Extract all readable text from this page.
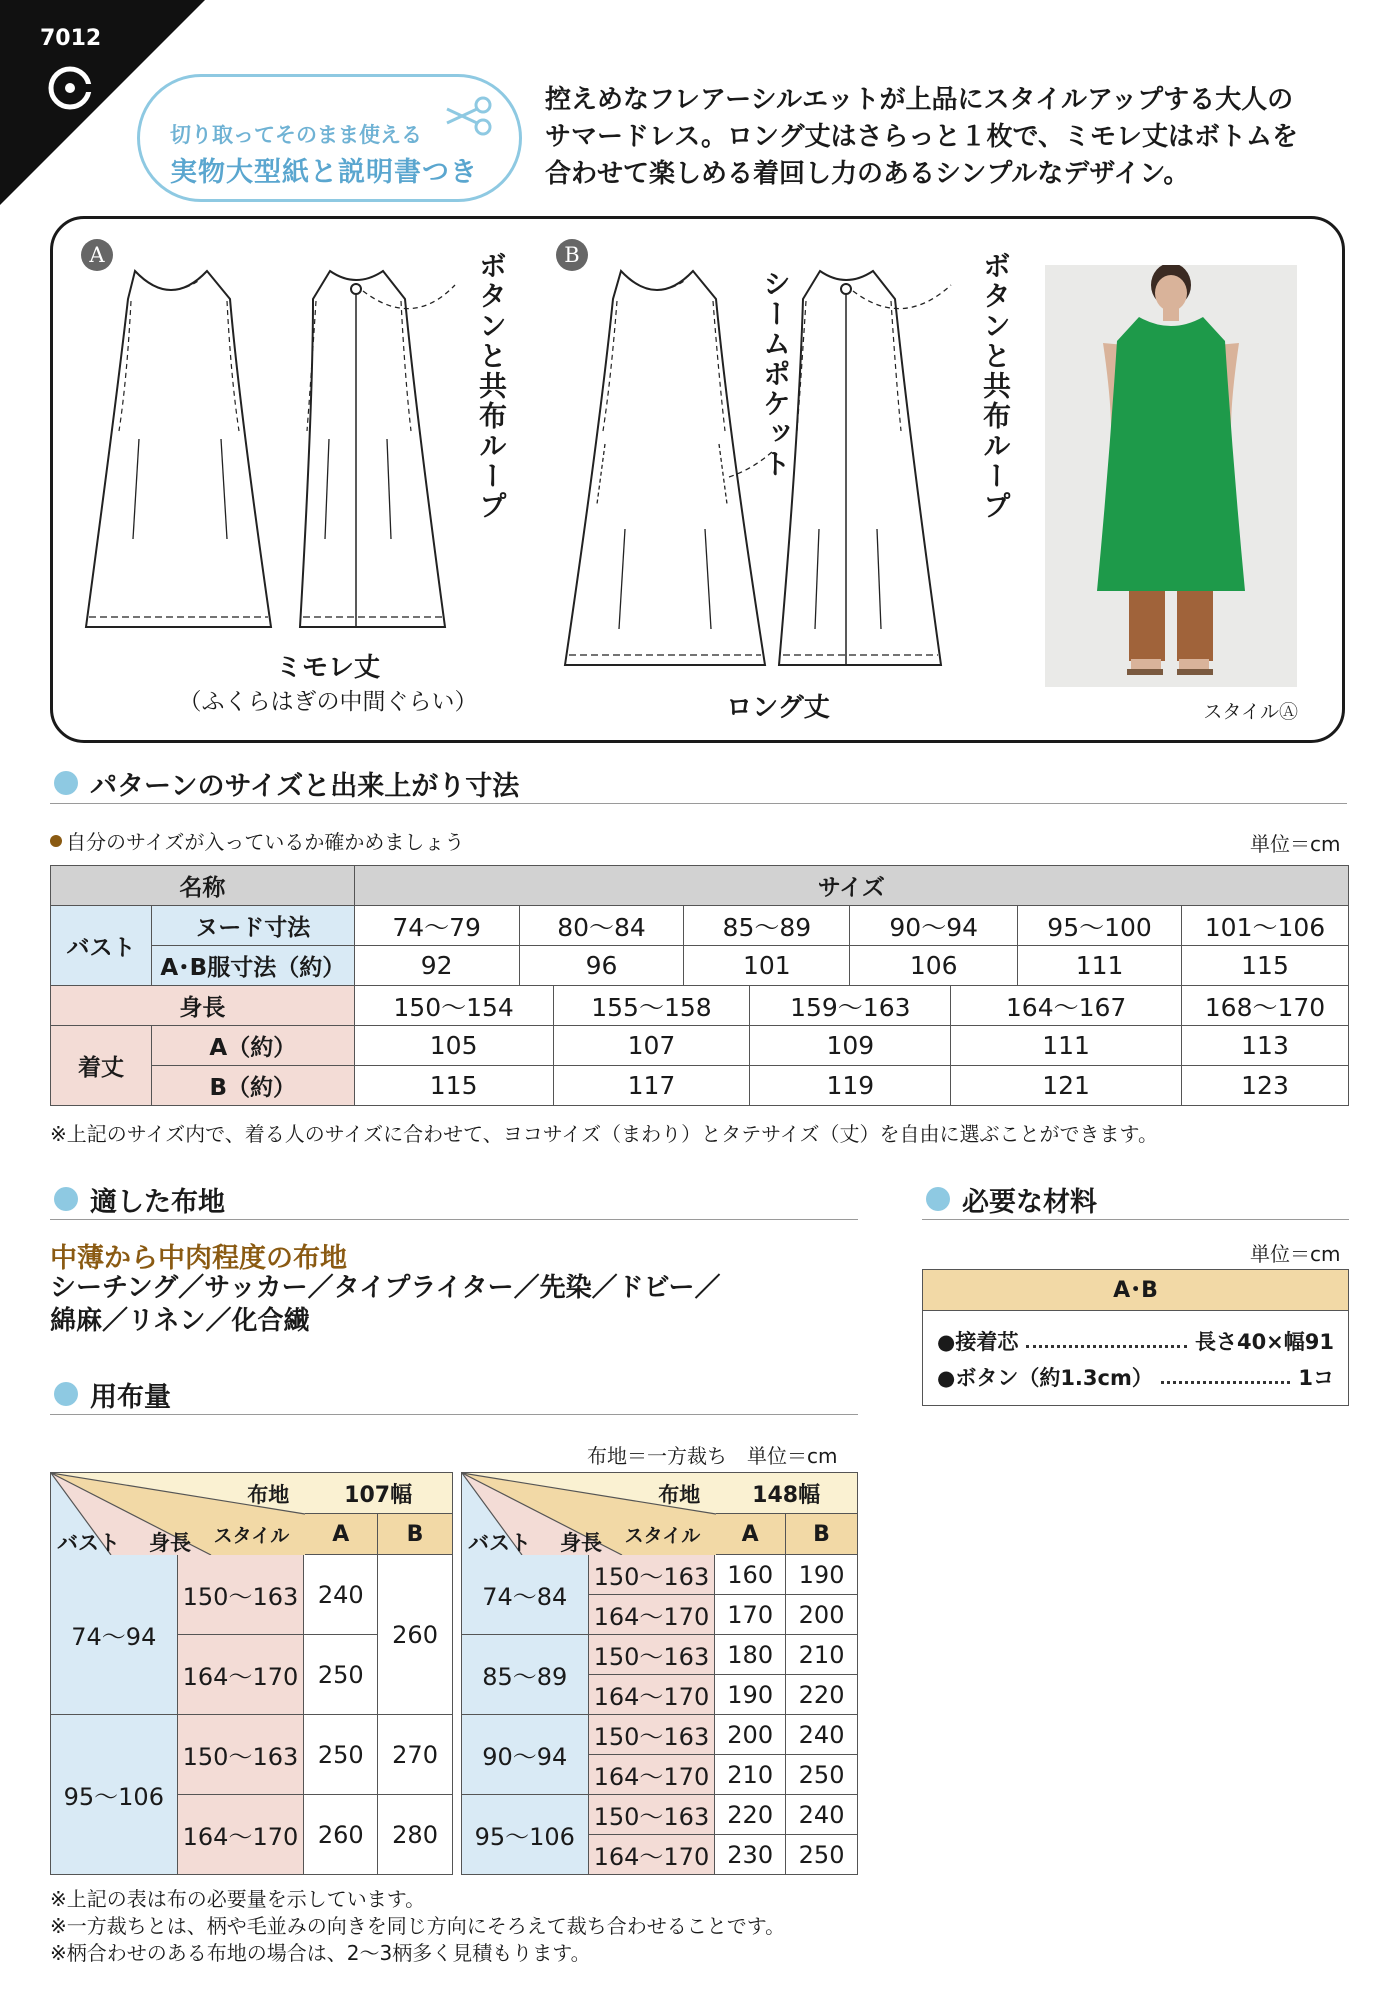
7012
切り取ってそのまま使える
実物大型紙と説明書つき
控えめなフレアーシルエットが上品にスタイルアップする大人の
サマードレス。ロング丈はさらっと１枚で、ミモレ丈はボトムを
合わせて楽しめる着回し力のあるシンプルなデザイン。
A	B
ボタンと共布ループ	シームポケット	ボタンと共布ループ
ミモレ丈
（ふくらはぎの中間ぐらい）	ロング丈	スタイルⒶ
パターンのサイズと出来上がり寸法
自分のサイズが入っているか確かめましょう	単位＝cm
名称		サイズ								
バスト	ヌード寸法	74〜79	80〜84		85〜89		90〜94		95〜100	101〜106
	A･B服寸法（約）	92	96		101		106		111	115
身長		150〜154		155〜158		159〜163		164〜167		168〜170
着丈	A（約）	105		107		109		111		113
	B（約）	115		117		119		121		123
※上記のサイズ内で、着る人のサイズに合わせて、ヨコサイズ（まわり）とタテサイズ（丈）を自由に選ぶことができます。
適した布地
中薄から中肉程度の布地
シーチング／サッカー／タイプライター／先染／ドビー／
綿麻／リネン／化合繊
必要な材料
単位＝cm
A･B
●接着芯	長さ40×幅91
●ボタン（約1.3cm）	1コ
用布量
布地＝一方裁ち　単位＝cm
布地
スタイル
バスト 身長		107幅	
		A	B
74〜94	150〜163	240	260
	164〜170	250	
95〜106	150〜163	250	270
	164〜170	260	280
布地
スタイル
バスト 身長		148幅	
		A	B
74〜84	150〜163	160	190
	164〜170	170	200
85〜89	150〜163	180	210
	164〜170	190	220
90〜94	150〜163	200	240
	164〜170	210	250
95〜106	150〜163	220	240
	164〜170	230	250
※上記の表は布の必要量を示しています。
※一方裁ちとは、柄や毛並みの向きを同じ方向にそろえて裁ち合わせることです。
※柄合わせのある布地の場合は、2〜3柄多く見積もります。
